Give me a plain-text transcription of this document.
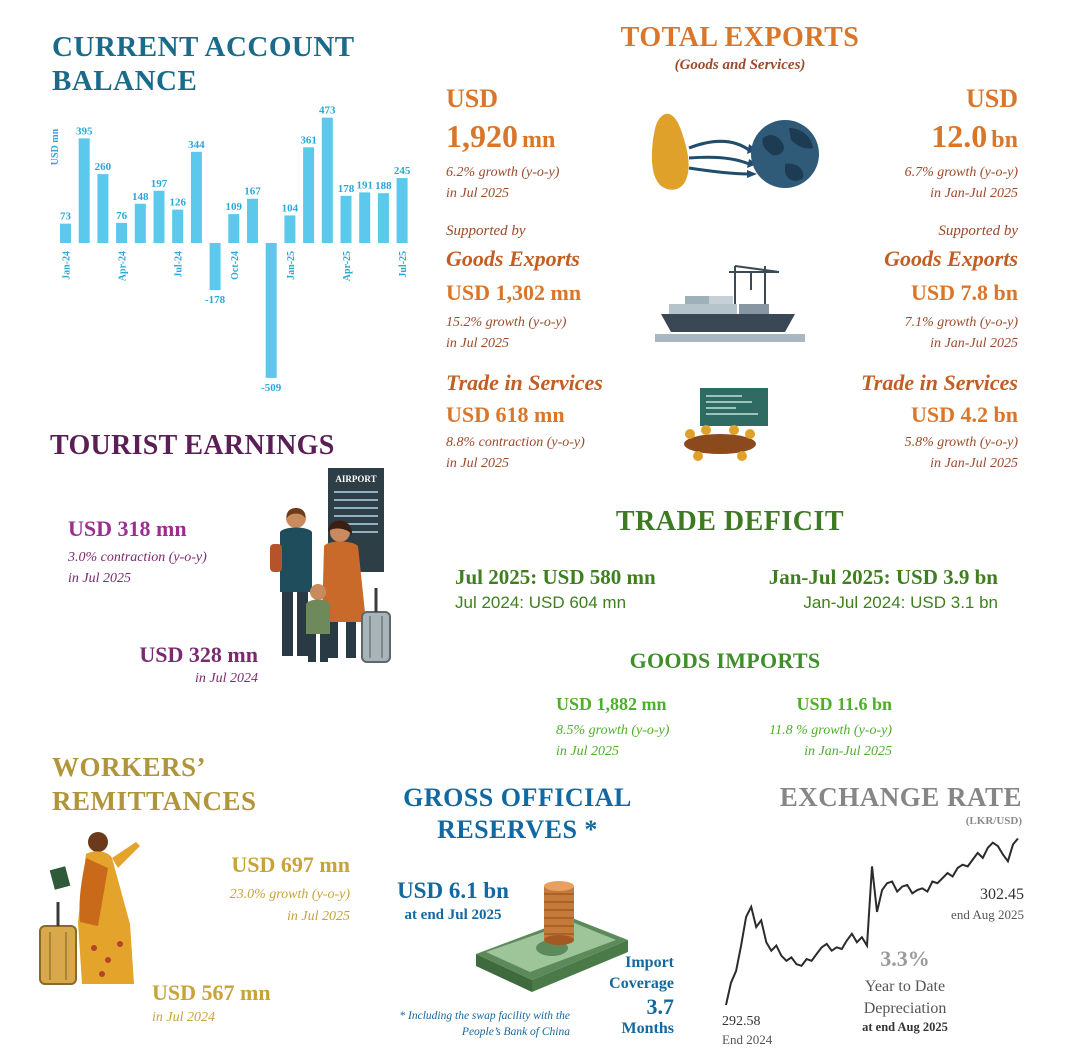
CURRENT ACCOUNT
BALANCE
USD mn
73
Jan-24
395
260
76
Apr-24
148
197
126
Jul-24
344
-178
109
Oct-24
167
-509
104
Jan-25
361
473
178
Apr-25
191 188
245
Jul-25
TOTAL EXPORTS
(Goods and Services)
USD
1,920 mn
6.2% growth (y-o-y)
in Jul 2025
Supported by
Goods Exports
USD 1,302 mn
15.2% growth (y-o-y)
in Jul 2025
Trade in Services
USD 618 mn
8.8% contraction (y-o-y)
in Jul 2025
USD
12.0 bn
6.7% growth (y-o-y)
in Jan-Jul 2025
Supported by
Goods Exports
USD 7.8 bn
7.1% growth (y-o-y)
in Jan-Jul 2025
Trade in Services
USD 4.2 bn
5.8% growth (y-o-y)
in Jan-Jul 2025
TOURIST EARNINGS
USD 318 mn
3.0% contraction (y-o-y)
in Jul 2025
USD 328 mn
in Jul 2024
AIRPORT
TRADE DEFICIT
Jul 2025: USD 580 mn
Jul 2024: USD 604 mn
Jan-Jul 2025: USD 3.9 bn
Jan-Jul 2024: USD 3.1 bn
GOODS IMPORTS
USD 1,882 mn
8.5% growth (y-o-y)
in Jul 2025
USD 11.6 bn
11.8 % growth (y-o-y)
in Jan-Jul 2025
WORKERS’
REMITTANCES
USD 697 mn
23.0% growth (y-o-y)
in Jul 2025
USD 567 mn
in Jul 2024
GROSS OFFICIAL
RESERVES *
USD 6.1 bn
at end Jul 2025
Import
Coverage
3.7
Months
* Including the swap facility with the
People’s Bank of China
EXCHANGE RATE
(LKR/USD)
302.45
end Aug 2025
292.58
End 2024
3.3%
Year to Date
Depreciation
at end Aug 2025
